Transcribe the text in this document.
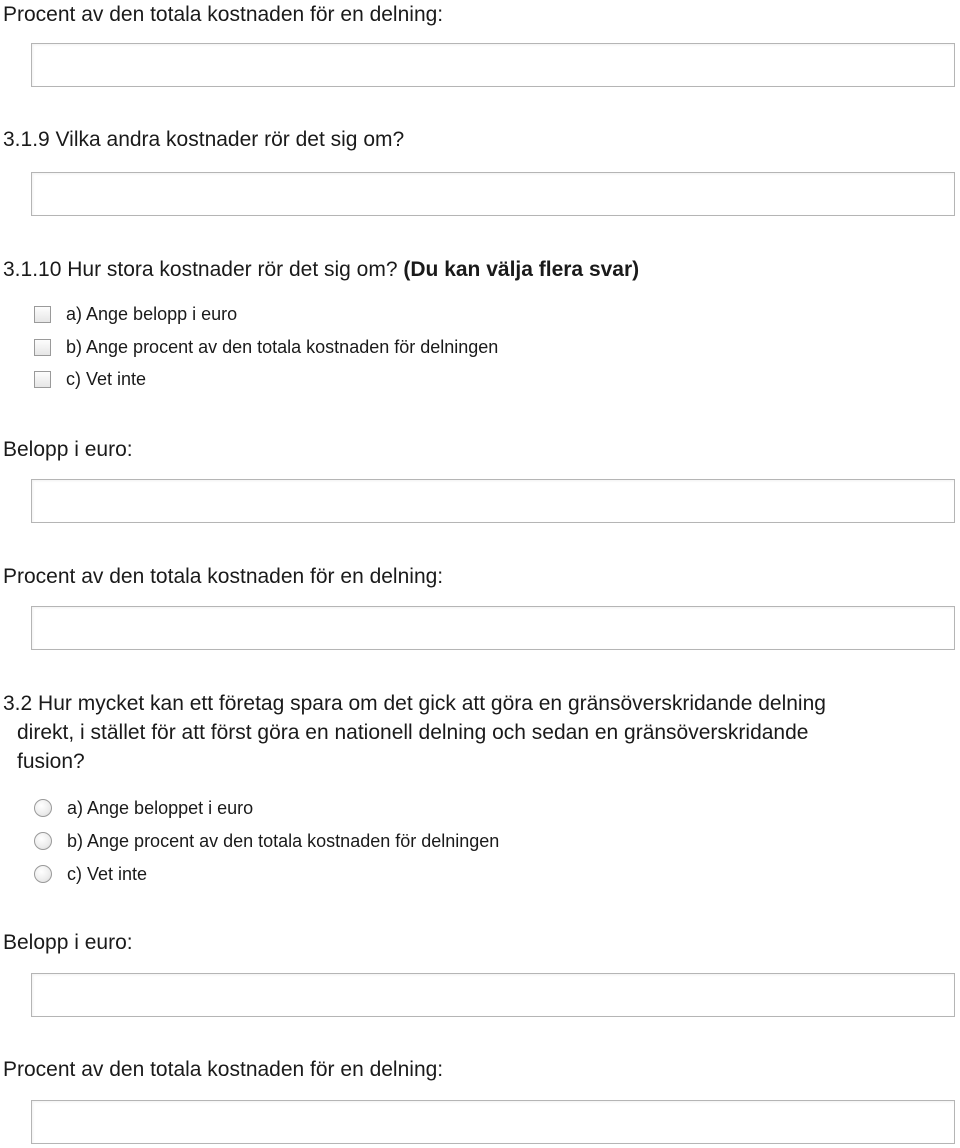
Procent av den totala kostnaden för en delning:
3.1.9 Vilka andra kostnader rör det sig om?
3.1.10 Hur stora kostnader rör det sig om? (Du kan välja flera svar)
a) Ange belopp i euro
b) Ange procent av den totala kostnaden för delningen
c) Vet inte
Belopp i euro:
Procent av den totala kostnaden för en delning:
3.2 Hur mycket kan ett företag spara om det gick att göra en gränsöverskridande delning
direkt, i stället för att först göra en nationell delning och sedan en gränsöverskridande
fusion?
a) Ange beloppet i euro
b) Ange procent av den totala kostnaden för delningen
c) Vet inte
Belopp i euro:
Procent av den totala kostnaden för en delning:
